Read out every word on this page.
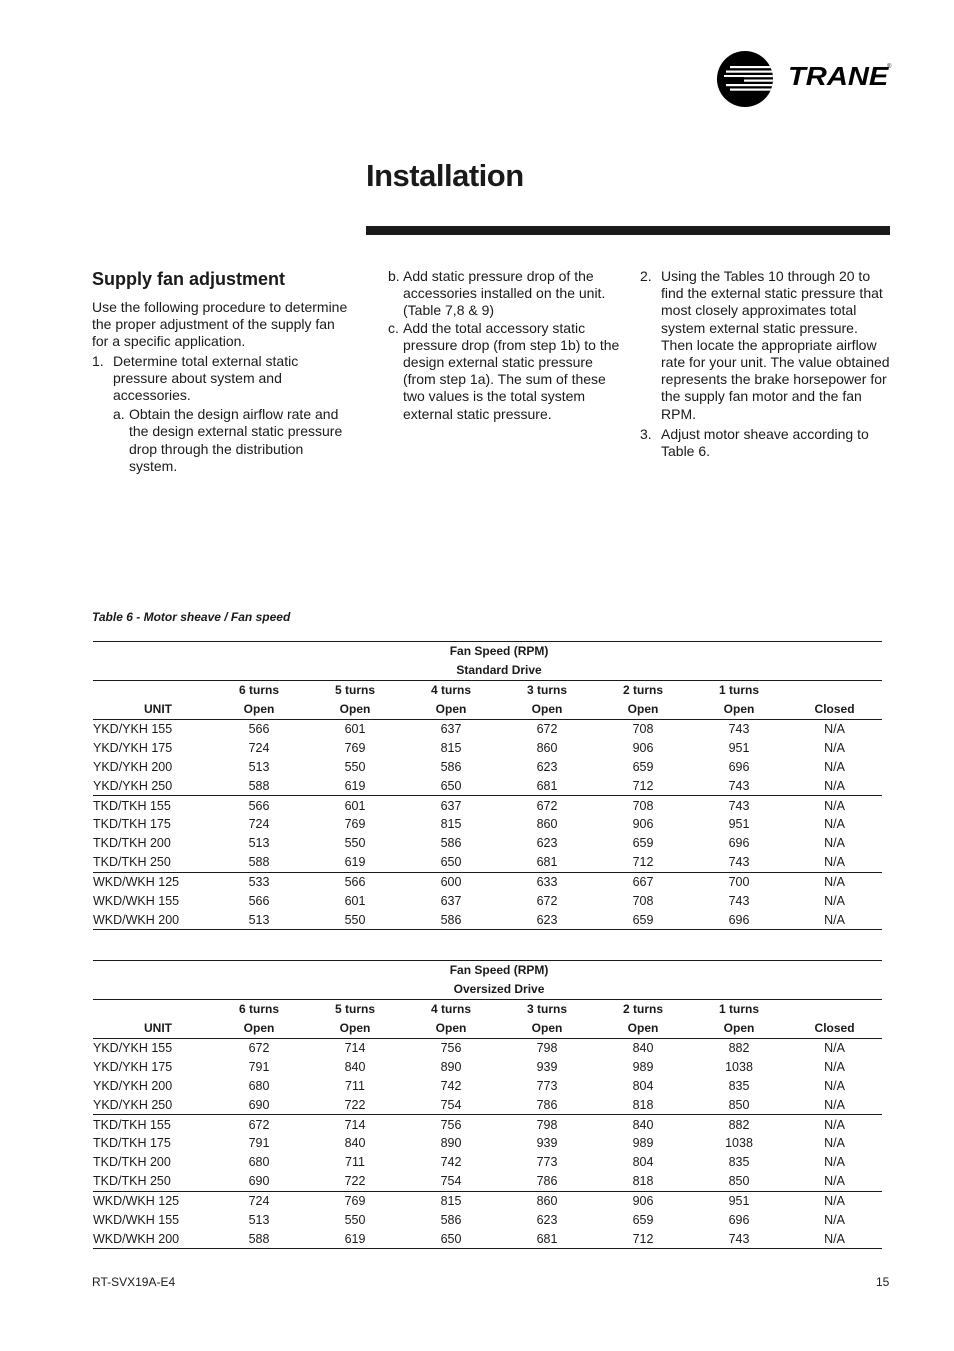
TRANE
®
Installation
Supply fan adjustment

Use the following procedure to determine the proper adjustment of the supply fan for a specific application.

1. Determine total external static pressure about system and accessories.
a. Obtain the design airflow rate and the design external static pressure drop through the distribution system.
b. Add static pressure drop of the accessories installed on the unit. (Table 7,8 & 9)
c. Add the total accessory static pressure drop (from step 1b) to the design external static pressure (from step 1a). The sum of these two values is the total system external static pressure.
2. Using the Tables 10 through 20 to find the external static pressure that most closely approximates total system external static pressure. Then locate the appropriate airflow rate for your unit. The value obtained represents the brake horsepower for the supply fan motor and the fan RPM.
3. Adjust motor sheave according to Table 6.
Table 6 - Motor sheave / Fan speed
	Fan Speed (RPM)						
	Standard Drive						
	6 turns	5 turns	4 turns	3 turns	2 turns	1 turns	
UNIT	Open	Open	Open	Open	Open	Open	Closed
YKD/YKH 155	566	601	637	672	708	743	N/A
YKD/YKH 175	724	769	815	860	906	951	N/A
YKD/YKH 200	513	550	586	623	659	696	N/A
YKD/YKH 250	588	619	650	681	712	743	N/A
TKD/TKH 155	566	601	637	672	708	743	N/A
TKD/TKH 175	724	769	815	860	906	951	N/A
TKD/TKH 200	513	550	586	623	659	696	N/A
TKD/TKH 250	588	619	650	681	712	743	N/A
WKD/WKH 125	533	566	600	633	667	700	N/A
WKD/WKH 155	566	601	637	672	708	743	N/A
WKD/WKH 200	513	550	586	623	659	696	N/A
	Fan Speed (RPM)						
	Oversized Drive						
	6 turns	5 turns	4 turns	3 turns	2 turns	1 turns	
UNIT	Open	Open	Open	Open	Open	Open	Closed
YKD/YKH 155	672	714	756	798	840	882	N/A
YKD/YKH 175	791	840	890	939	989	1038	N/A
YKD/YKH 200	680	711	742	773	804	835	N/A
YKD/YKH 250	690	722	754	786	818	850	N/A
TKD/TKH 155	672	714	756	798	840	882	N/A
TKD/TKH 175	791	840	890	939	989	1038	N/A
TKD/TKH 200	680	711	742	773	804	835	N/A
TKD/TKH 250	690	722	754	786	818	850	N/A
WKD/WKH 125	724	769	815	860	906	951	N/A
WKD/WKH 155	513	550	586	623	659	696	N/A
WKD/WKH 200	588	619	650	681	712	743	N/A
RT-SVX19A-E4	15
